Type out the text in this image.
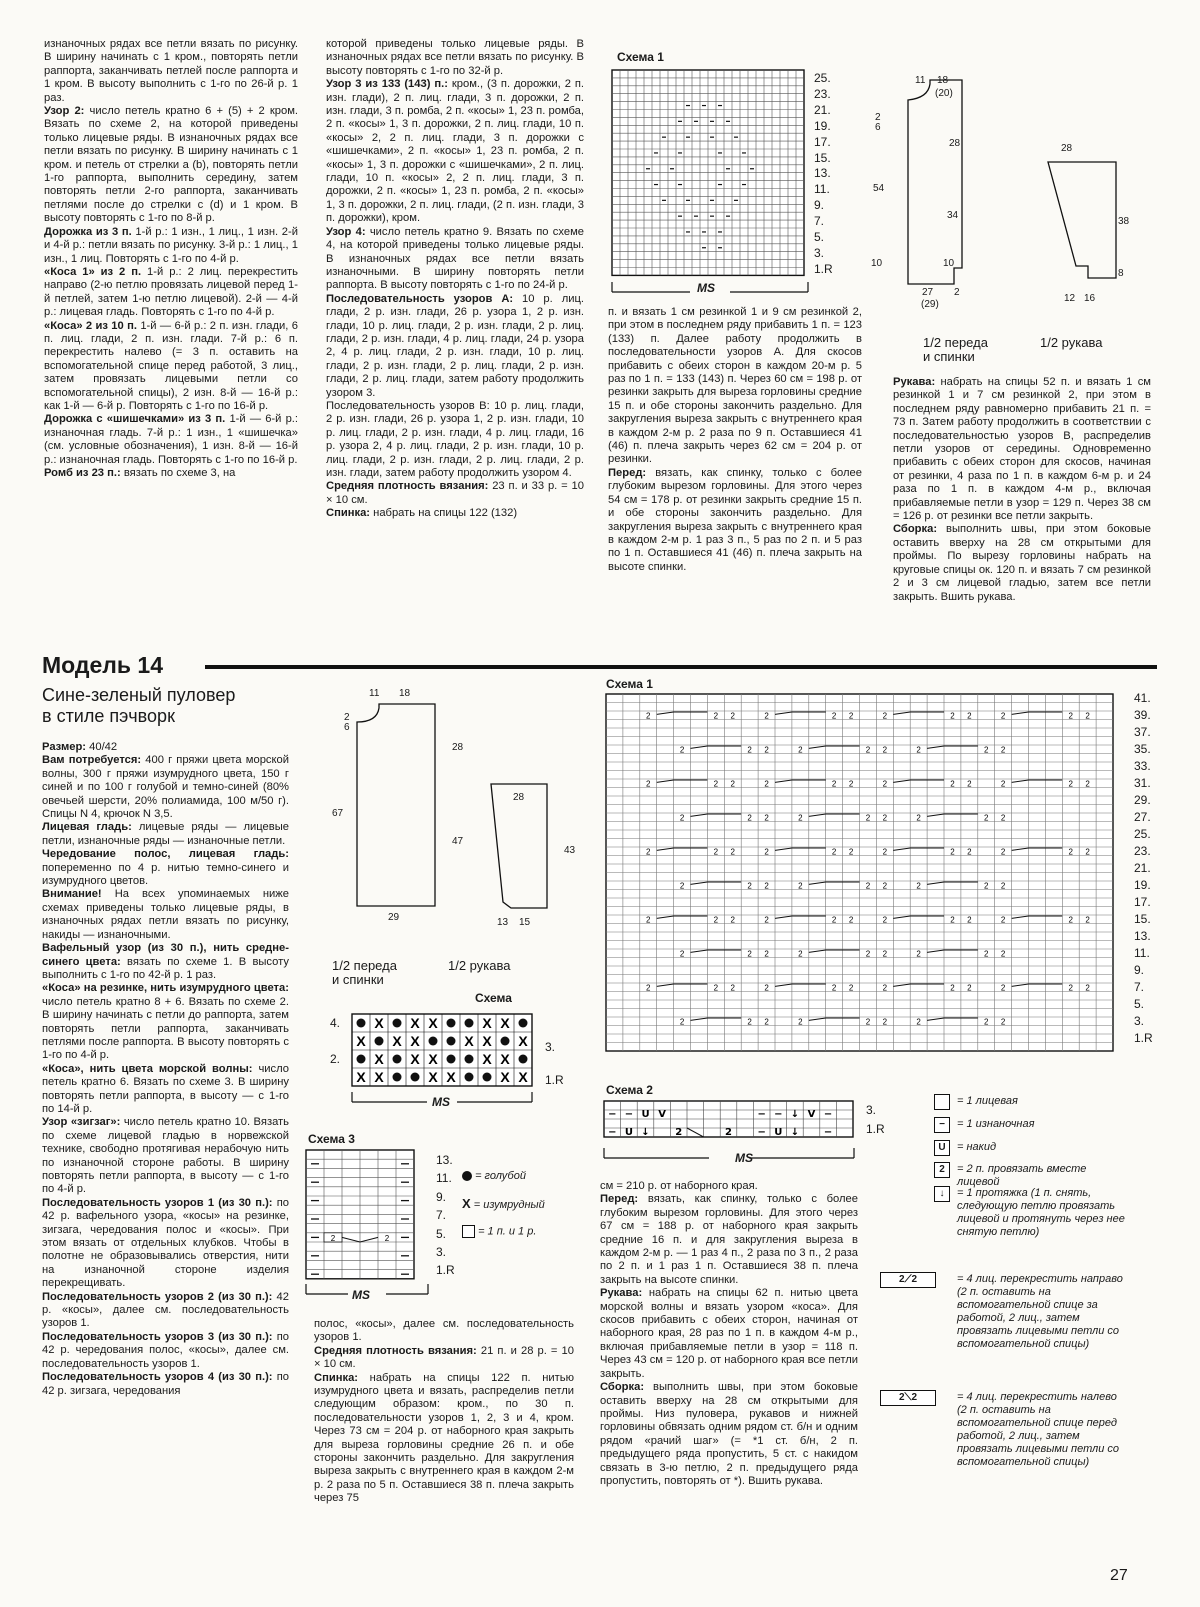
изнаночных рядах все петли вязать по рисунку. В ширину начинать с 1 кром., повторять петли раппорта, заканчивать петлей после раппорта и 1 кром. В высоту выполнить с 1-го по 26-й р. 1 раз.

Узор 2: число петель кратно 6 + (5) + 2 кром. Вязать по схеме 2, на которой приведены только лицевые ряды. В изнаночных рядах все петли вязать по рисунку. В ширину начинать с 1 кром. и петель от стрелки а (b), повторять петли 1-го раппорта, выполнить середину, затем повторять петли 2-го раппорта, заканчивать петлями после до стрелки с (d) и 1 кром. В высоту повторять с 1-го по 8-й р.

Дорожка из 3 п. 1-й р.: 1 изн., 1 лиц., 1 изн. 2-й и 4-й р.: петли вязать по рисунку. 3-й р.: 1 лиц., 1 изн., 1 лиц. Повторять с 1-го по 4-й р.

«Коса 1» из 2 п. 1-й р.: 2 лиц. перекрестить направо (2-ю петлю провязать лицевой перед 1-й петлей, затем 1-ю петлю лицевой). 2-й — 4-й р.: лицевая гладь. Повторять с 1-го по 4-й р.

«Коса» 2 из 10 п. 1-й — 6-й р.: 2 п. изн. глади, 6 п. лиц. глади, 2 п. изн. глади. 7-й р.: 6 п. перекрестить налево (= 3 п. оставить на вспомогательной спице перед работой, 3 лиц., затем провязать лицевыми петли со вспомогательной спицы), 2 изн. 8-й — 16-й р.: как 1-й — 6-й р. Повторять с 1-го по 16-й р.

Дорожка с «шишечками» из 3 п. 1-й — 6-й р.: изнаночная гладь. 7-й р.: 1 изн., 1 «шишечка» (см. условные обозначения), 1 изн. 8-й — 16-й р.: изнаночная гладь. Повторять с 1-го по 16-й р.

Ромб из 23 п.: вязать по схеме 3, на

которой приведены только лицевые ряды. В изнаночных рядах все петли вязать по рисунку. В высоту повторять с 1-го по 32-й р.

Узор 3 из 133 (143) п.: кром., (3 п. дорожки, 2 п. изн. глади), 2 п. лиц. глади, 3 п. дорожки, 2 п. изн. глади, 3 п. ромба, 2 п. «косы» 1, 23 п. ромба, 2 п. «косы» 1, 3 п. дорожки, 2 п. лиц. глади, 10 п. «косы» 2, 2 п. лиц. глади, 3 п. дорожки с «шишечками», 2 п. «косы» 1, 23 п. ромба, 2 п. «косы» 1, 3 п. дорожки с «шишечками», 2 п. лиц. глади, 10 п. «косы» 2, 2 п. лиц. глади, 3 п. дорожки, 2 п. «косы» 1, 23 п. ромба, 2 п. «косы» 1, 3 п. дорожки, 2 п. лиц. глади, (2 п. изн. глади, 3 п. дорожки), кром.

Узор 4: число петель кратно 9. Вязать по схеме 4, на которой приведены только лицевые ряды. В изнаночных рядах все петли вязать изнаночными. В ширину повторять петли раппорта. В высоту повторять с 1-го по 24-й р.

Последовательность узоров А: 10 р. лиц. глади, 2 р. изн. глади, 26 р. узора 1, 2 р. изн. глади, 10 р. лиц. глади, 2 р. изн. глади, 2 р. лиц. глади, 2 р. изн. глади, 4 р. лиц. глади, 24 р. узора 2, 4 р. лиц. глади, 2 р. изн. глади, 10 р. лиц. глади, 2 р. изн. глади, 2 р. лиц. глади, 2 р. изн. глади, 2 р. лиц. глади, затем работу продолжить узором 3.

Последовательность узоров В: 10 р. лиц. глади, 2 р. изн. глади, 26 р. узора 1, 2 р. изн. глади, 10 р. лиц. глади, 2 р. изн. глади, 4 р. лиц. глади, 16 р. узора 2, 4 р. лиц. глади, 2 р. изн. глади, 10 р. лиц. глади, 2 р. изн. глади, 2 р. лиц. глади, 2 р. изн. глади, затем работу продолжить узором 4.

Средняя плотность вязания: 23 п. и 33 р. = 10 × 10 см.

Спинка: набрать на спицы 122 (132)

п. и вязать 1 см резинкой 1 и 9 см резинкой 2, при этом в последнем ряду прибавить 1 п. = 123 (133) п. Далее работу продолжить в последовательности узоров А. Для скосов прибавить с обеих сторон в каждом 20-м р. 5 раз по 1 п. = 133 (143) п. Через 60 см = 198 р. от резинки закрыть для выреза горловины средние 15 п. и обе стороны закончить раздельно. Для закругления выреза закрыть с внутреннего края в каждом 2-м р. 2 раза по 9 п. Оставшиеся 41 (46) п. плеча закрыть через 62 см = 204 р. от резинки.

Перед: вязать, как спинку, только с более глубоким вырезом горловины. Для этого через 54 см = 178 р. от резинки закрыть средние 15 п. и обе стороны закончить раздельно. Для закругления выреза закрыть с внутреннего края в каждом 2-м р. 1 раз 3 п., 5 раз по 2 п. и 5 раз по 1 п. Оставшиеся 41 (46) п. плеча закрыть на высоте спинки.

Рукава: набрать на спицы 52 п. и вязать 1 см резинкой 1 и 7 см резинкой 2, при этом в последнем ряду равномерно прибавить 21 п. = 73 п. Затем работу продолжить в соответствии с последовательностью узоров В, распределив петли узоров от середины. Одновременно прибавить с обеих сторон для скосов, начиная от резинки, 4 раза по 1 п. в каждом 6-м р. и 24 раза по 1 п. в каждом 4-м р., включая прибавляемые петли в узор = 129 п. Через 38 см = 126 р. от резинки все петли закрыть.

Сборка: выполнить швы, при этом боковые оставить вверху на 28 см открытыми для проймы. По вырезу горловины набрать на круговые спицы ок. 120 п. и вязать 7 см резинкой 2 и 3 см лицевой гладью, затем все петли закрыть. Вшить рукава.

Схема 1
25.
23.
21.
19.
17.
15.
13.
11.
9.
7.
5.
3.
1.R
MS
11 18
(20)
2
6
28
54
34
10	10
27
(29)
2
28
38
8
12 16
1/2 переда
и спинки
1/2 рукава
Модель 14
Сине-зеленый пуловер
в стиле пэчворк

Размер: 40/42

Вам потребуется: 400 г пряжи цвета морской волны, 300 г пряжи изумрудного цвета, 150 г синей и по 100 г голубой и темно-синей (80% овечьей шерсти, 20% полиамида, 100 м/50 г). Спицы N 4, крючок N 3,5.

Лицевая гладь: лицевые ряды — лицевые петли, изнаночные ряды — изнаночные петли.

Чередование полос, лицевая гладь: попеременно по 4 р. нитью темно-синего и изумрудного цветов.

Внимание! На всех упоминаемых ниже схемах приведены только лицевые ряды, в изнаночных рядах петли вязать по рисунку, накиды — изнаночными.

Вафельный узор (из 30 п.), нить средне-синего цвета: вязать по схеме 1. В высоту выполнить с 1-го по 42-й р. 1 раз.

«Коса» на резинке, нить изумрудного цвета: число петель кратно 8 + 6. Вязать по схеме 2. В ширину начинать с петли до раппорта, затем повторять петли раппорта, заканчивать петлями после раппорта. В высоту повторять с 1-го по 4-й р.

«Коса», нить цвета морской волны: число петель кратно 6. Вязать по схеме 3. В ширину повторять петли раппорта, в высоту — с 1-го по 14-й р.

Узор «зигзаг»: число петель кратно 10. Вязать по схеме лицевой гладью в норвежской технике, свободно протягивая нерабочую нить по изнаночной стороне работы. В ширину повторять петли раппорта, в высоту — с 1-го по 4-й р.

Последовательность узоров 1 (из 30 п.): по 42 р. вафельного узора, «косы» на резинке, зигзага, чередования полос и «косы». При этом вязать от отдельных клубков. Чтобы в полотне не образовывались отверстия, нити на изнаночной стороне изделия перекрещивать.

Последовательность узоров 2 (из 30 п.): 42 р. «косы», далее см. последовательность узоров 1.

Последовательность узоров 3 (из 30 п.): по 42 р. чередования полос, «косы», далее см. последовательность узоров 1.

Последовательность узоров 4 (из 30 п.): по 42 р. зигзага, чередования

полос, «косы», далее см. последовательность узоров 1.

Средняя плотность вязания: 21 п. и 28 р. = 10 × 10 см.

Спинка: набрать на спицы 122 п. нитью изумрудного цвета и вязать, распределив петли следующим образом: кром., по 30 п. последовательности узоров 1, 2, 3 и 4, кром. Через 73 см = 204 р. от наборного края закрыть для выреза горловины средние 26 п. и обе стороны закончить раздельно. Для закругления выреза закрыть с внутреннего края в каждом 2-м р. 2 раза по 5 п. Оставшиеся 38 п. плеча закрыть через 75

см = 210 р. от наборного края.

Перед: вязать, как спинку, только с более глубоким вырезом горловины. Для этого через 67 см = 188 р. от наборного края закрыть средние 16 п. и для закругления выреза в каждом 2-м р. — 1 раз 4 п., 2 раза по 3 п., 2 раза по 2 п. и 1 раз 1 п. Оставшиеся 38 п. плеча закрыть на высоте спинки.

Рукава: набрать на спицы 62 п. нитью цвета морской волны и вязать узором «коса». Для скосов прибавить с обеих сторон, начиная от наборного края, 28 раз по 1 п. в каждом 4-м р., включая прибавляемые петли в узор = 118 п. Через 43 см = 120 р. от наборного края все петли закрыть.

Сборка: выполнить швы, при этом боковые оставить вверху на 28 см открытыми для проймы. Низ пуловера, рукавов и нижней горловины обвязать одним рядом ст. б/н и одним рядом «рачий шаг» (= *1 ст. б/н, 2 п. предыдущего ряда пропустить, 5 ст. с накидом связать в 3-ю петлю, 2 п. предыдущего ряда пропустить, повторять от *). Вшить рукава.

11 18
2
6
28
67
47
29
28
43
13 15
1/2 переда
и спинки
1/2 рукава
Схема
X X X	X X
X X X	X X X
X X X	X X
X X	X X	X X
4.
2.
3.
1.R
MS
Схема 3
2	2
13.
11.
9.
7.
5.
3.
1.R
MS
= голубой
X = изумрудный
= 1 п. и 1 р.
Схема 1
2	2 2	2	2 2	2	2 2	2	2 2
2	2 2	2	2 2	2	2 2
2	2 2	2	2 2	2	2 2	2	2 2
2	2 2	2	2 2	2	2 2
2	2 2	2	2 2	2	2 2	2	2 2
2	2 2	2	2 2	2	2 2
2	2 2	2	2 2	2	2 2	2	2 2
2	2 2	2	2 2	2	2 2
2	2 2	2	2 2	2	2 2	2	2 2
2	2 2	2	2 2	2	2 2
41.
39.
37.
35.
33.
31.
29.
27.
25.
23.
21.
19.
17.
15.
13.
11.
9.
7.
5.
3.
1.R
Схема 2
− − U V	− − ↓ V −
− U ↓	2	2	− U ↓ −
3.
1.R
MS
= 1 лицевая
−	= 1 изнаночная
U	= накид
2	= 2 п. провязать вместе лицевой
↓	= 1 протяжка (1 п. снять, следующую петлю провязать лицевой и протянуть через нее снятую петлю)
2⟋2	= 4 лиц. перекрестить направо (2 п. оставить на вспомогательной спице за работой, 2 лиц., затем провязать лицевыми петли со вспомогательной спицы)
2⟍2	= 4 лиц. перекрестить налево (2 п. оставить на вспомогательной спице перед работой, 2 лиц., затем провязать лицевыми петли со вспомогательной спицы)
27
